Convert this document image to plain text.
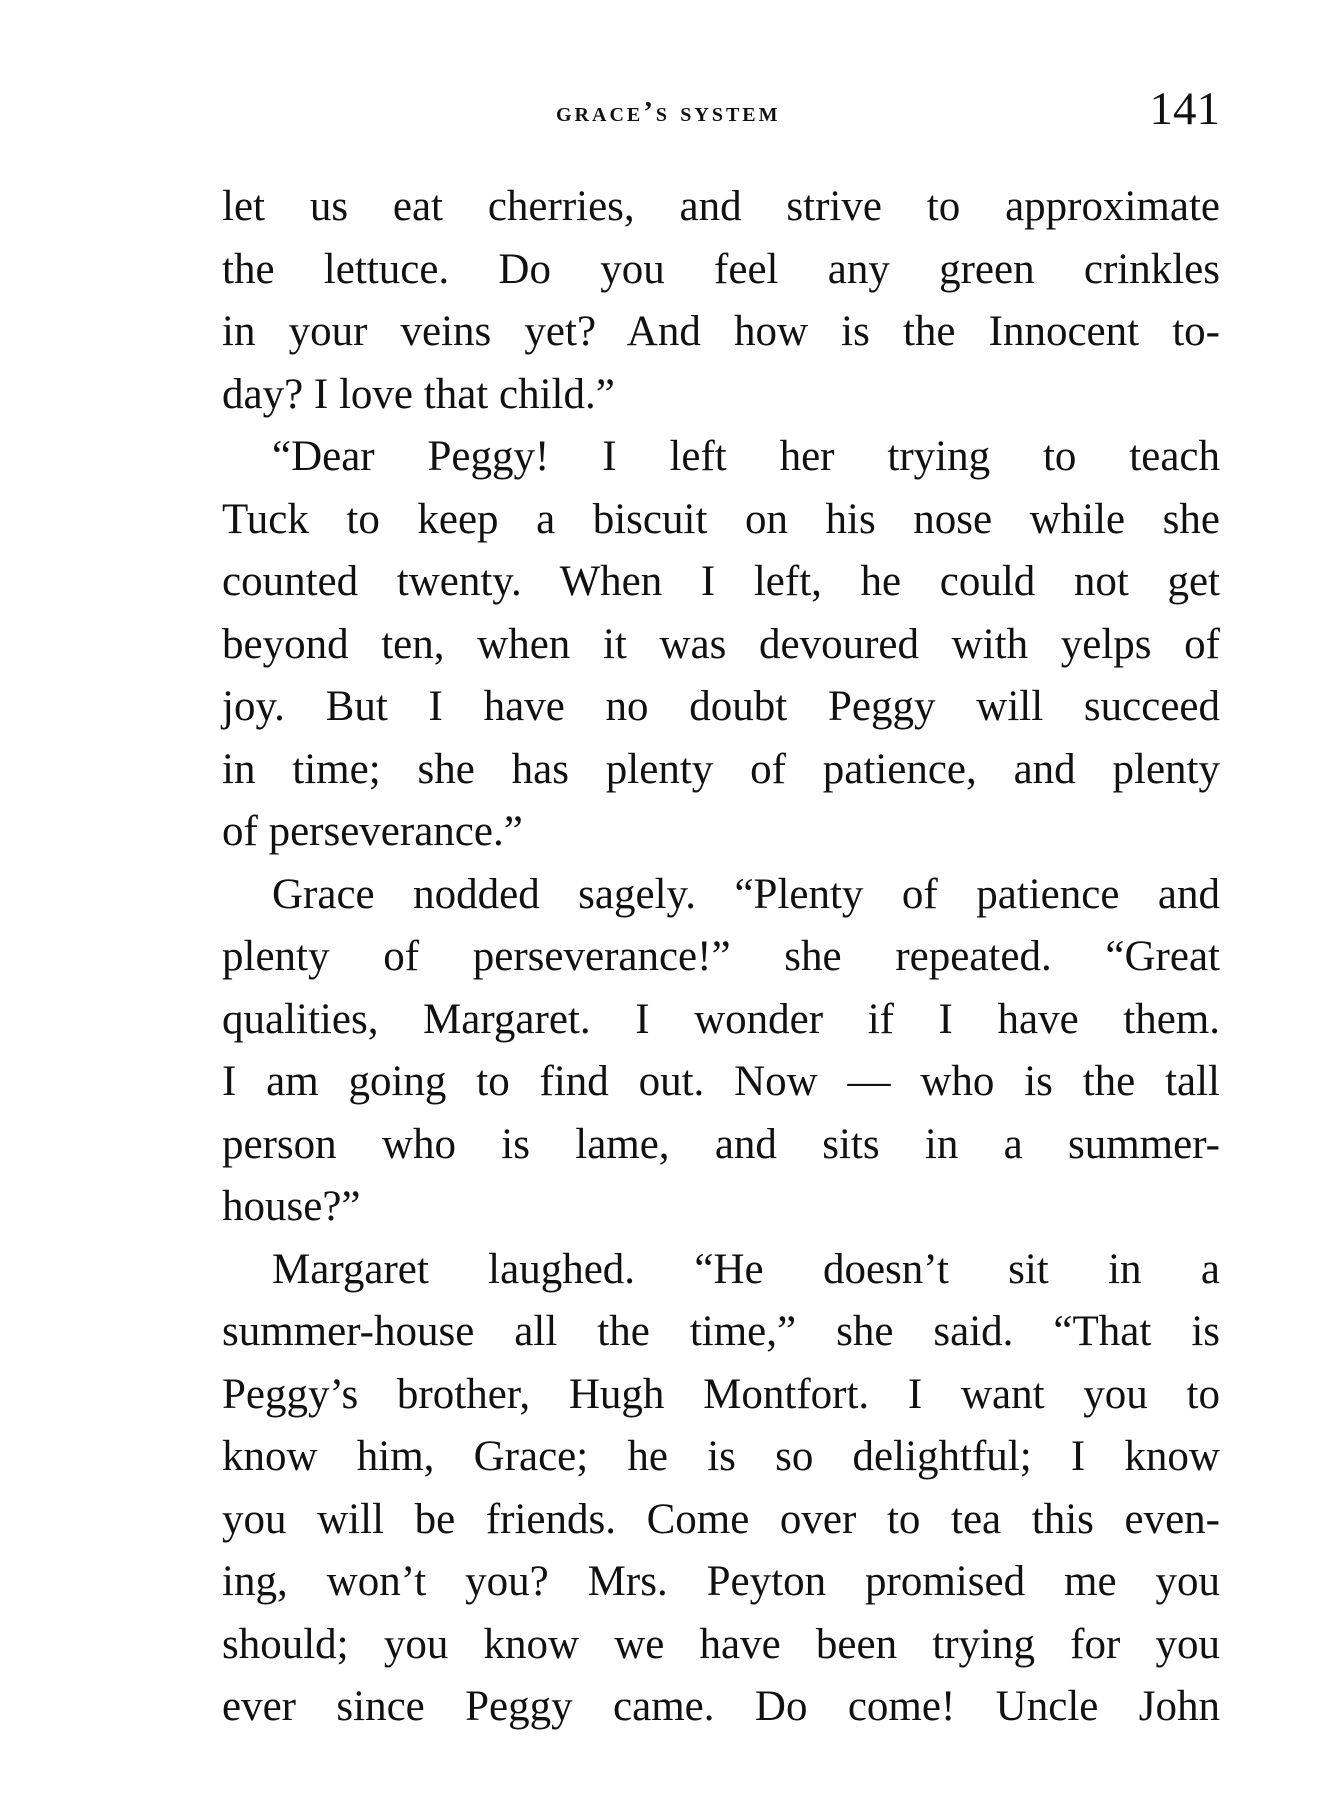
grace’s system	141
let us eat cherries, and strive to approximate
the lettuce. Do you feel any green crinkles
in your veins yet? And how is the Innocent to-
day? I love that child.”
“Dear Peggy! I left her trying to teach
Tuck to keep a biscuit on his nose while she
counted twenty. When I left, he could not get
beyond ten, when it was devoured with yelps of
joy. But I have no doubt Peggy will succeed
in time; she has plenty of patience, and plenty
of perseverance.”
Grace nodded sagely. “Plenty of patience and
plenty of perseverance!” she repeated. “Great
qualities, Margaret. I wonder if I have them.
I am going to find out. Now — who is the tall
person who is lame, and sits in a summer-
house?”
Margaret laughed. “He doesn’t sit in a
summer-house all the time,” she said. “That is
Peggy’s brother, Hugh Montfort. I want you to
know him, Grace; he is so delightful; I know
you will be friends. Come over to tea this even-
ing, won’t you? Mrs. Peyton promised me you
should; you know we have been trying for you
ever since Peggy came. Do come! Uncle John
